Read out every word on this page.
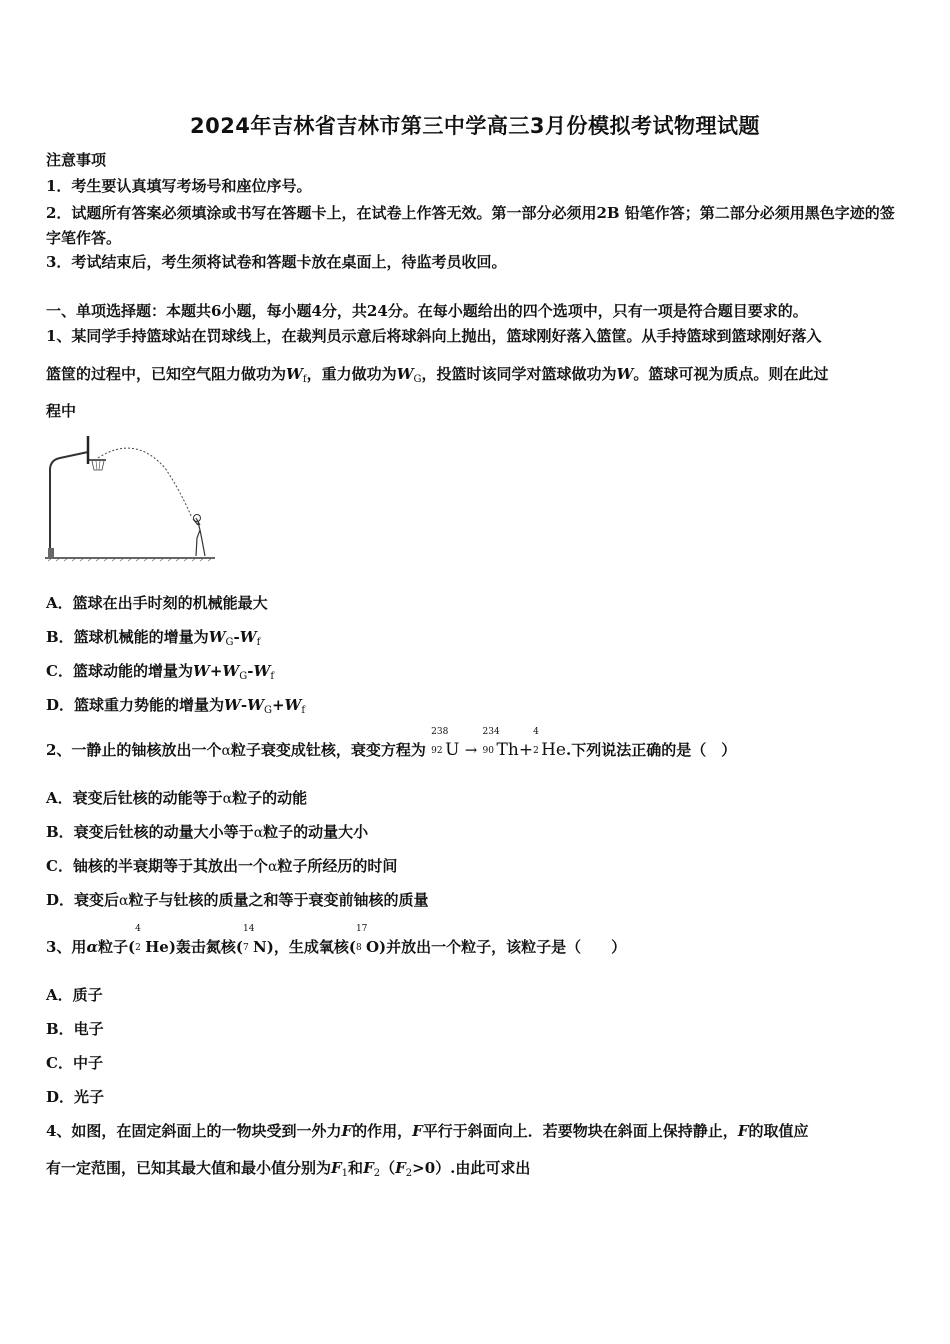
2024年吉林省吉林市第三中学高三3月份模拟考试物理试题
注意事项
1．考生要认真填写考场号和座位序号。
2．试题所有答案必须填涂或书写在答题卡上，在试卷上作答无效。第一部分必须用2B 铅笔作答；第二部分必须用黑色字迹的签字笔作答。
3．考试结束后，考生须将试卷和答题卡放在桌面上，待监考员收回。
一、单项选择题：本题共6小题，每小题4分，共24分。在每小题给出的四个选项中，只有一项是符合题目要求的。
1、某同学手持篮球站在罚球线上，在裁判员示意后将球斜向上抛出，篮球刚好落入篮筐。从手持篮球到篮球刚好落入
篮筐的过程中，已知空气阻力做功为$W_f$，重力做功为$W_G$，投篮时该同学对篮球做功为W。篮球可视为质点。则在此过
程中
A．篮球在出手时刻的机械能最大
B．篮球机械能的增量为$W_G-W_f$
C．篮球动能的增量为$W+W_G-W_f$
D．篮球重力势能的增量为$W-W_G+W_f$
2、一静止的铀核放出一个α粒子衰变成钍核，衰变方程为
238
92 U →
234
90 Th+
4
2 He.下列说法正确的是（　）
A．衰变后钍核的动能等于α粒子的动能
B．衰变后钍核的动量大小等于α粒子的动量大小
C．铀核的半衰期等于其放出一个α粒子所经历的时间
D．衰变后α粒子与钍核的质量之和等于衰变前铀核的质量
3、用α粒子(
4
2 He)轰击氮核(
14
7 N)，生成氧核(
17
8 O)并放出一个粒子，该粒子是（　　）
A．质子
B．电子
C．中子
D．光子
4、如图，在固定斜面上的一物块受到一外力F的作用，F平行于斜面向上．若要物块在斜面上保持静止，F的取值应
有一定范围，已知其最大值和最小值分别为$F_1$和$F_2(F_2>0)$.由此可求出
